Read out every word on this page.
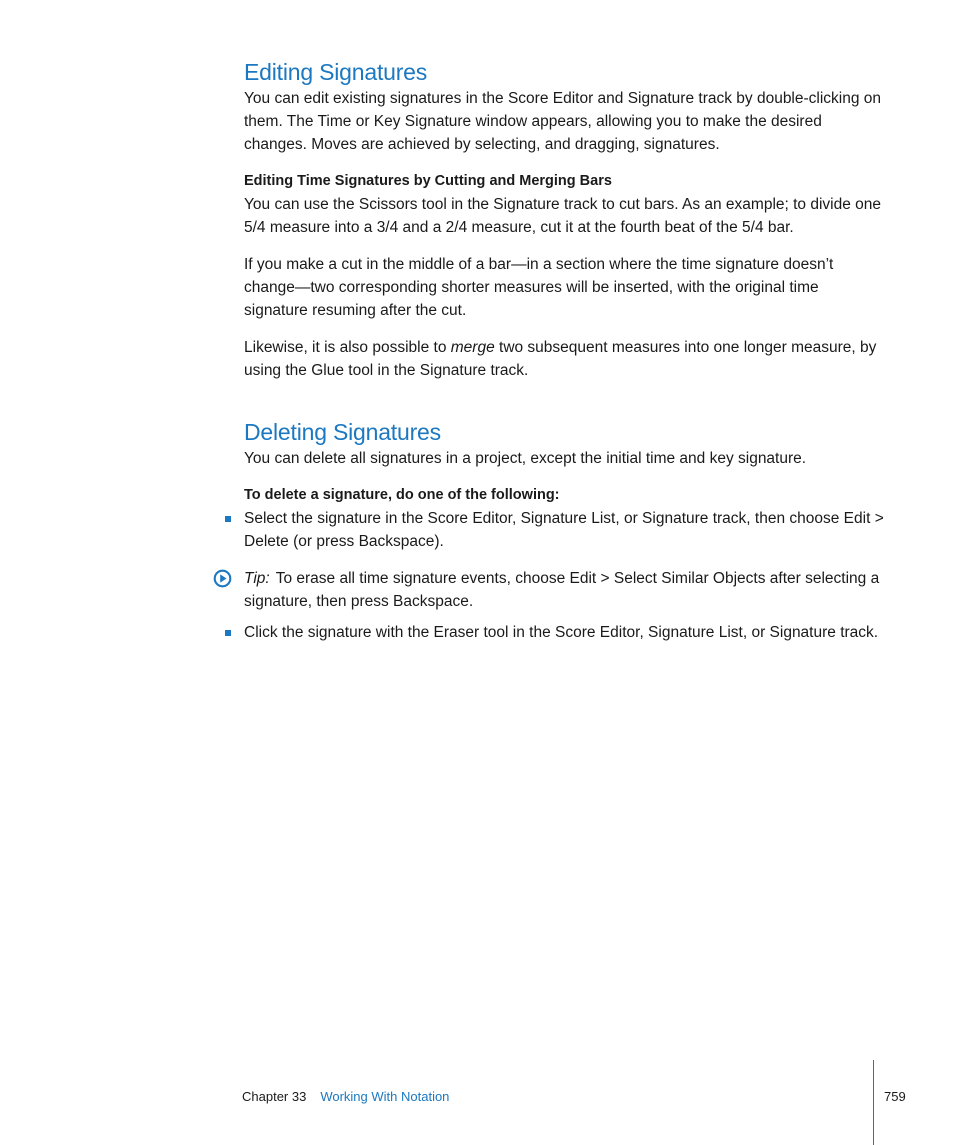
Editing Signatures

You can edit existing signatures in the Score Editor and Signature track by double-clicking on them. The Time or Key Signature window appears, allowing you to make the desired changes. Moves are achieved by selecting, and dragging, signatures.

Editing Time Signatures by Cutting and Merging Bars

You can use the Scissors tool in the Signature track to cut bars. As an example; to divide one 5/4 measure into a 3/4 and a 2/4 measure, cut it at the fourth beat of the 5/4 bar.

If you make a cut in the middle of a bar—in a section where the time signature doesn’t change—two corresponding shorter measures will be inserted, with the original time signature resuming after the cut.

Likewise, it is also possible to merge two subsequent measures into one longer measure, by using the Glue tool in the Signature track.

Deleting Signatures

You can delete all signatures in a project, except the initial time and key signature.

To delete a signature, do one of the following:

Select the signature in the Score Editor, Signature List, or Signature track, then choose Edit > Delete (or press Backspace).

Tip: To erase all time signature events, choose Edit > Select Similar Objects after selecting a signature, then press Backspace.

Click the signature with the Eraser tool in the Score Editor, Signature List, or Signature track.

Chapter 33 Working With Notation	759
